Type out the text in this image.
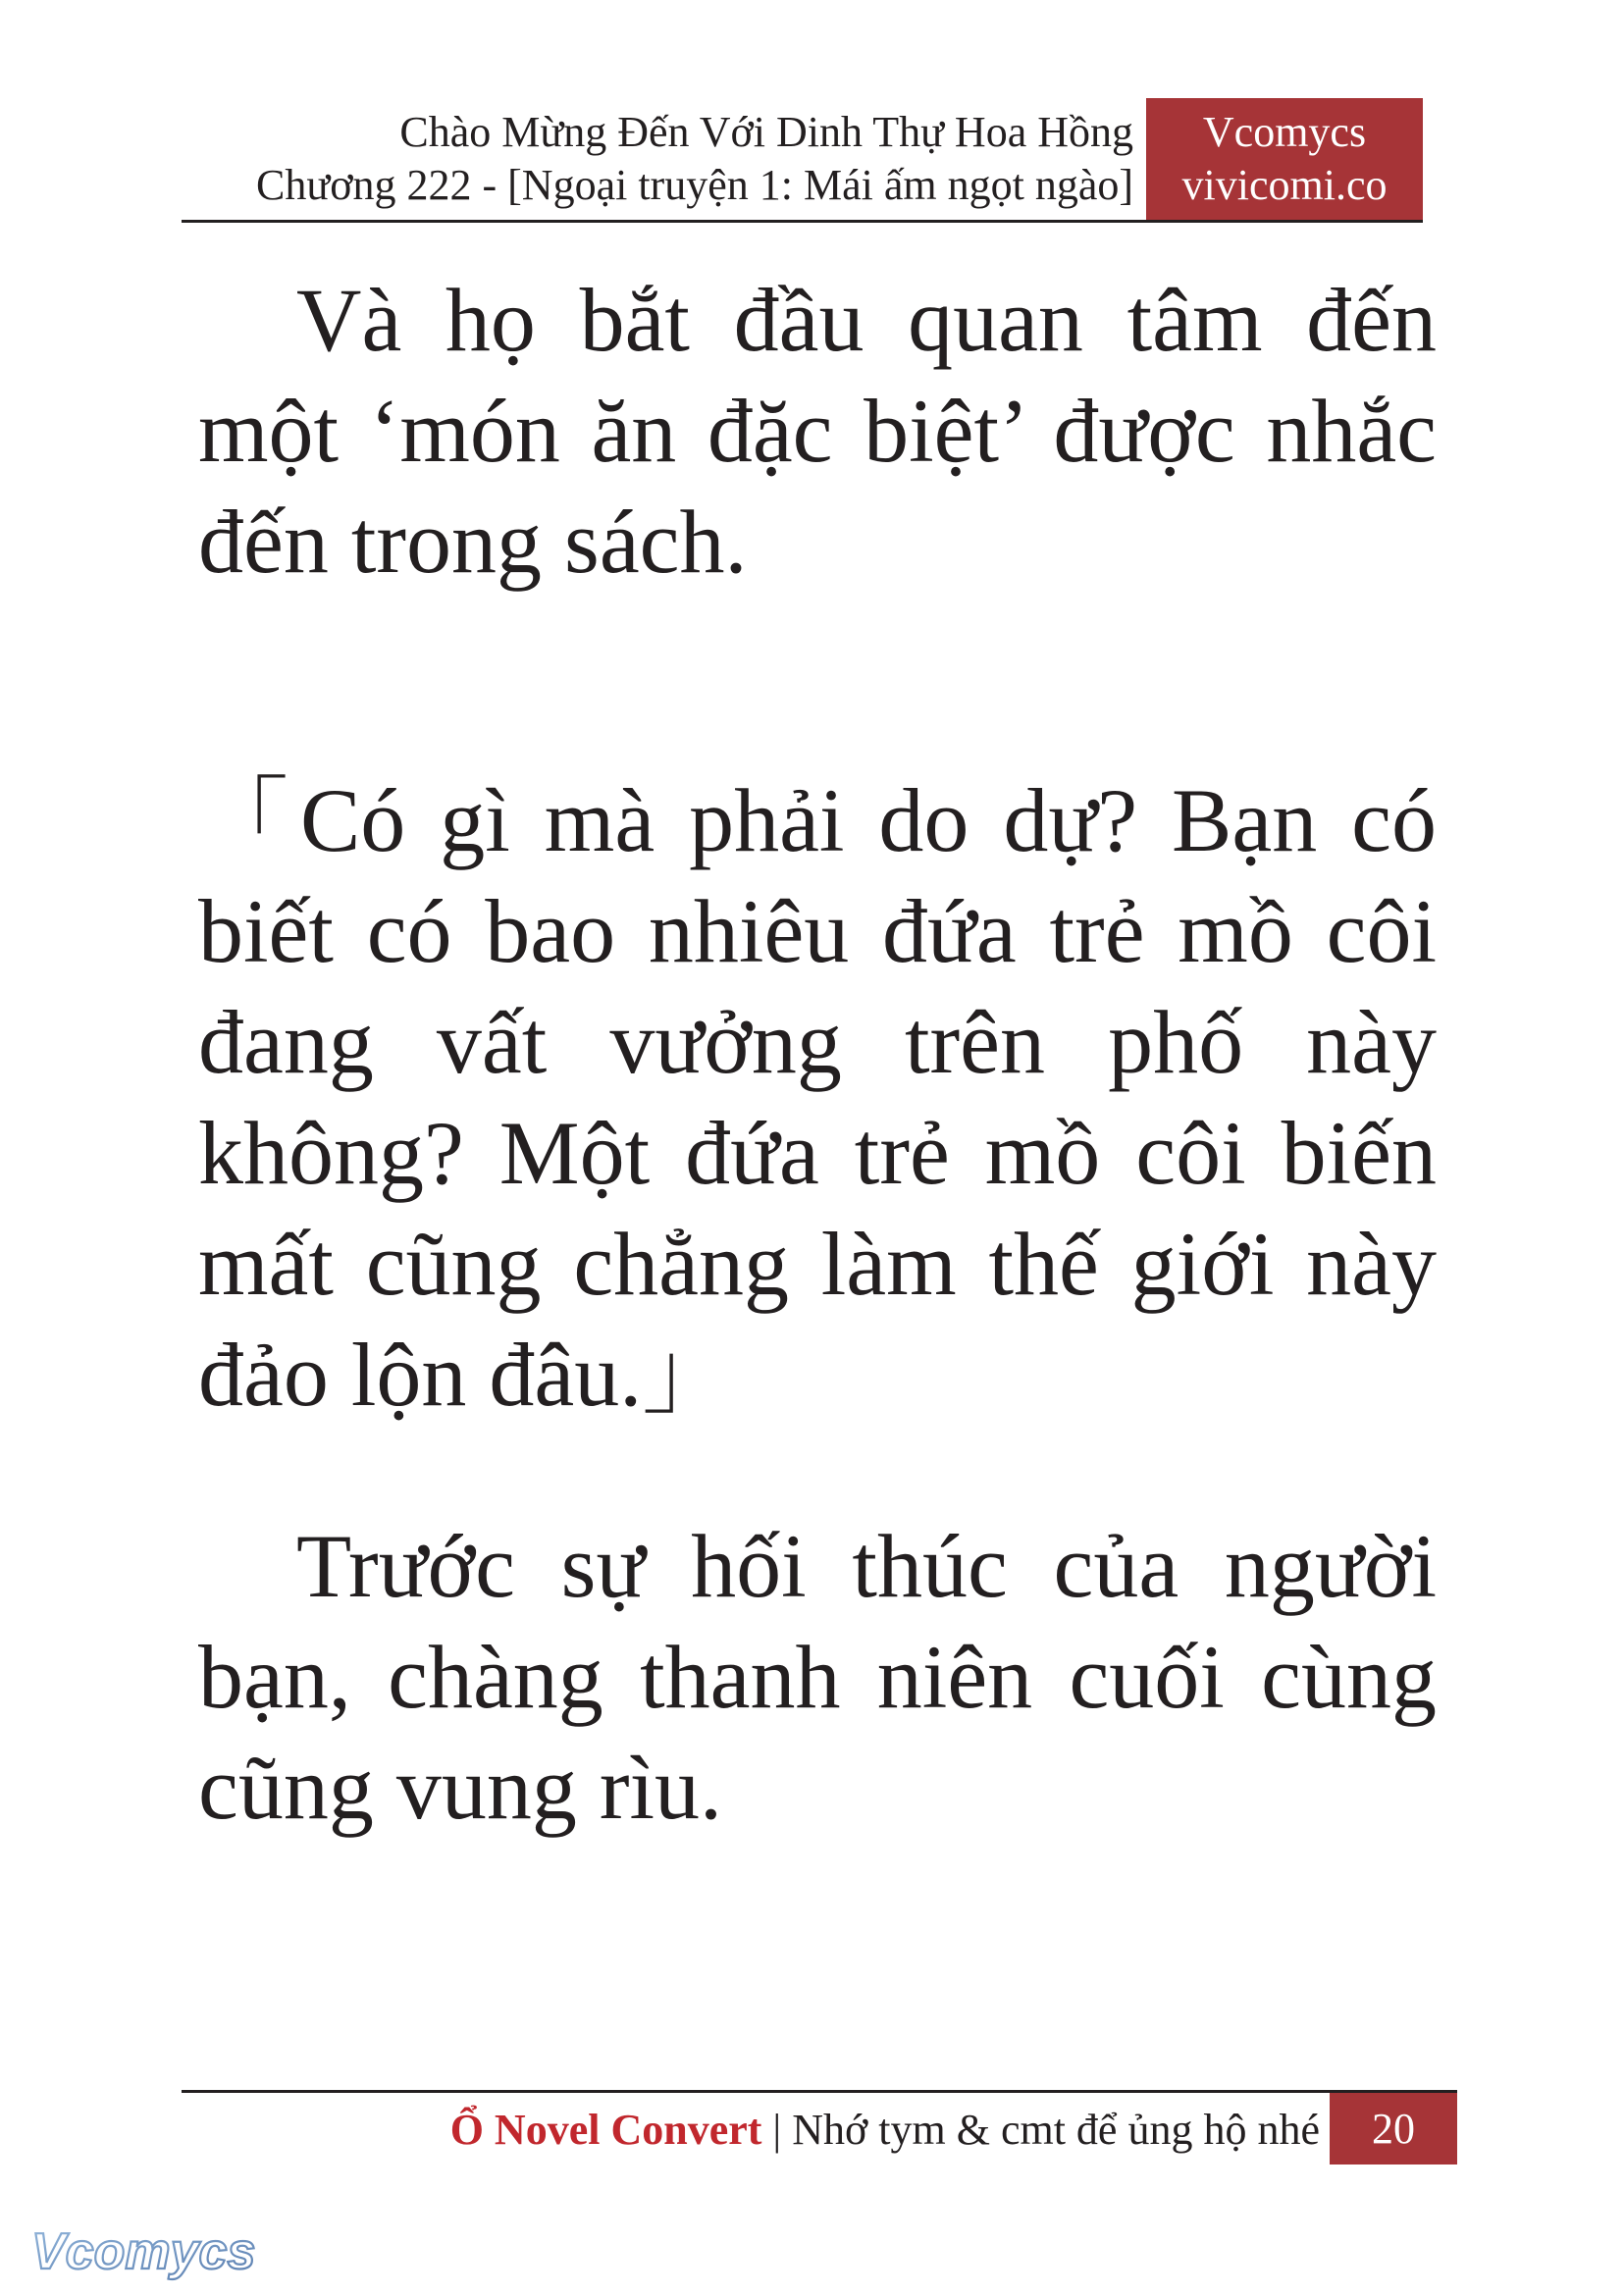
Chào Mừng Đến Với Dinh Thự Hoa Hồng
Chương 222 - [Ngoại truyện 1: Mái ấm ngọt ngào]
Vcomycs
vivicomi.co

Và họ bắt đầu quan tâm đến một ‘món ăn đặc biệt’ được nhắc đến trong sách.

「Có gì mà phải do dự? Bạn có biết có bao nhiêu đứa trẻ mồ côi đang vất vưởng trên phố này không? Một đứa trẻ mồ côi biến mất cũng chẳng làm thế giới này đảo lộn đâu.」

Trước sự hối thúc của người bạn, chàng thanh niên cuối cùng cũng vung rìu.

Ổ Novel Convert | Nhớ tym & cmt để ủng hộ nhé	20
Vcomycs
